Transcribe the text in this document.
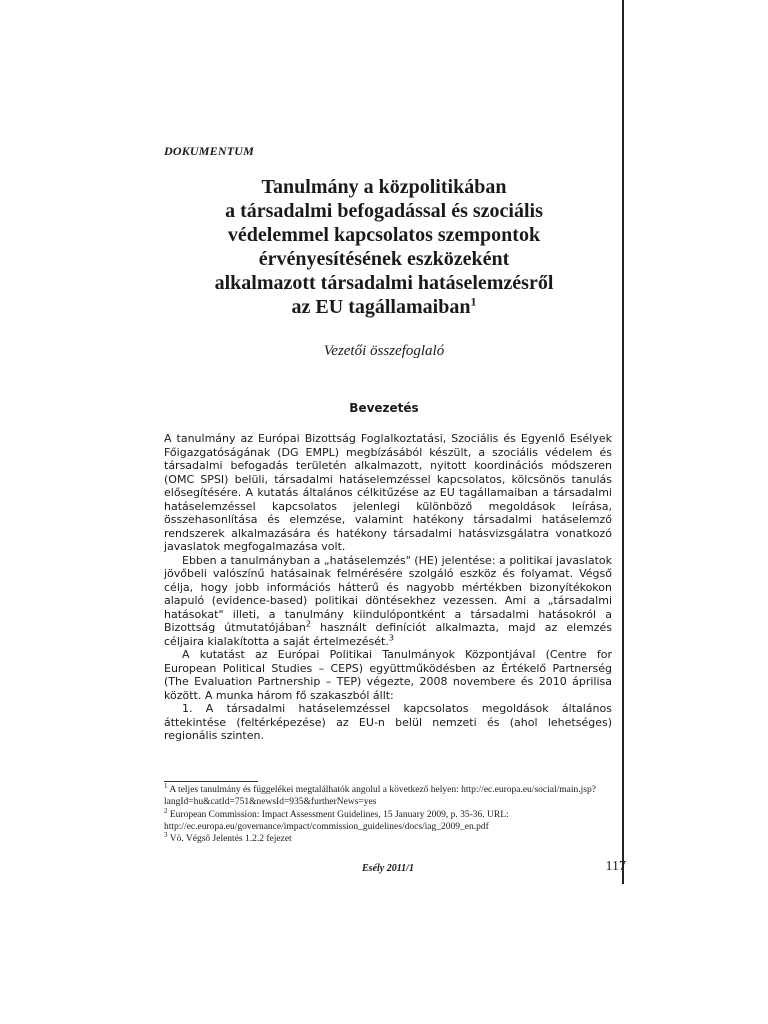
DOKUMENTUM
Tanulmány a közpolitikában
a társadalmi befogadással és szociális
védelemmel kapcsolatos szempontok
érvényesítésének eszközeként
alkalmazott társadalmi hatáselemzésről
az EU tagállamaiban$^1$
Vezetői összefoglaló
Bevezetés

A tanulmány az Európai Bizottság Foglalkoztatási, Szociális és Egyenlő Esélyek Főigazgatóságának (DG EMPL) megbízásából készült, a szociális védelem és társadalmi befogadás területén alkalmazott, nyitott koordinációs módszeren (OMC SPSI) belüli, társadalmi hatáselemzéssel kapcsolatos, kölcsönös tanulás elősegítésére. A kutatás általános célkitűzése az EU tagállamaiban a társadalmi hatáselemzéssel kapcsolatos jelenlegi különböző megoldások leírása, összehasonlítása és elemzése, valamint hatékony társadalmi hatáselemző rendszerek alkalmazására és hatékony társadalmi hatásvizsgálatra vonatkozó javaslatok megfogalmazása volt.

Ebben a tanulmányban a „hatáselemzés" (HE) jelentése: a politikai javaslatok jövőbeli valószínű hatásainak felmérésére szolgáló eszköz és folyamat. Végső célja, hogy jobb információs hátterű és nagyobb mértékben bizonyítékokon alapuló (evidence-based) politikai döntésekhez vezessen. Ami a „társadalmi hatásokat" illeti, a tanulmány kiindulópontként a társadalmi hatásokról a Bizottság útmutatójában$^2$ használt definíciót alkalmazta, majd az elemzés céljaira kialakította a saját értelmezését.$^3$

A kutatást az Európai Politikai Tanulmányok Központjával (Centre for European Political Studies – CEPS) együttműködésben az Értékelő Partnerség (The Evaluation Partnership – TEP) végezte, 2008 novembere és 2010 áprilisa között. A munka három fő szakaszból állt:

1. A társadalmi hatáselemzéssel kapcsolatos megoldások általános áttekintése (feltérképezése) az EU-n belül nemzeti és (ahol lehetséges) regionális szinten.

$^1$ A teljes tanulmány és függelékei megtalálhatók angolul a következő helyen: http://ec.europa.eu/social/main.jsp?langId=hu&catId=751&newsId=935&furtherNews=yes

$^2$ European Commission: Impact Assessment Guidelines, 15 January 2009, p. 35-36. URL: http://ec.europa.eu/governance/impact/commission_guidelines/docs/iag_2009_en.pdf

$^3$ Vö. Végső Jelentés 1.2.2 fejezet

Esély 2011/1	117
